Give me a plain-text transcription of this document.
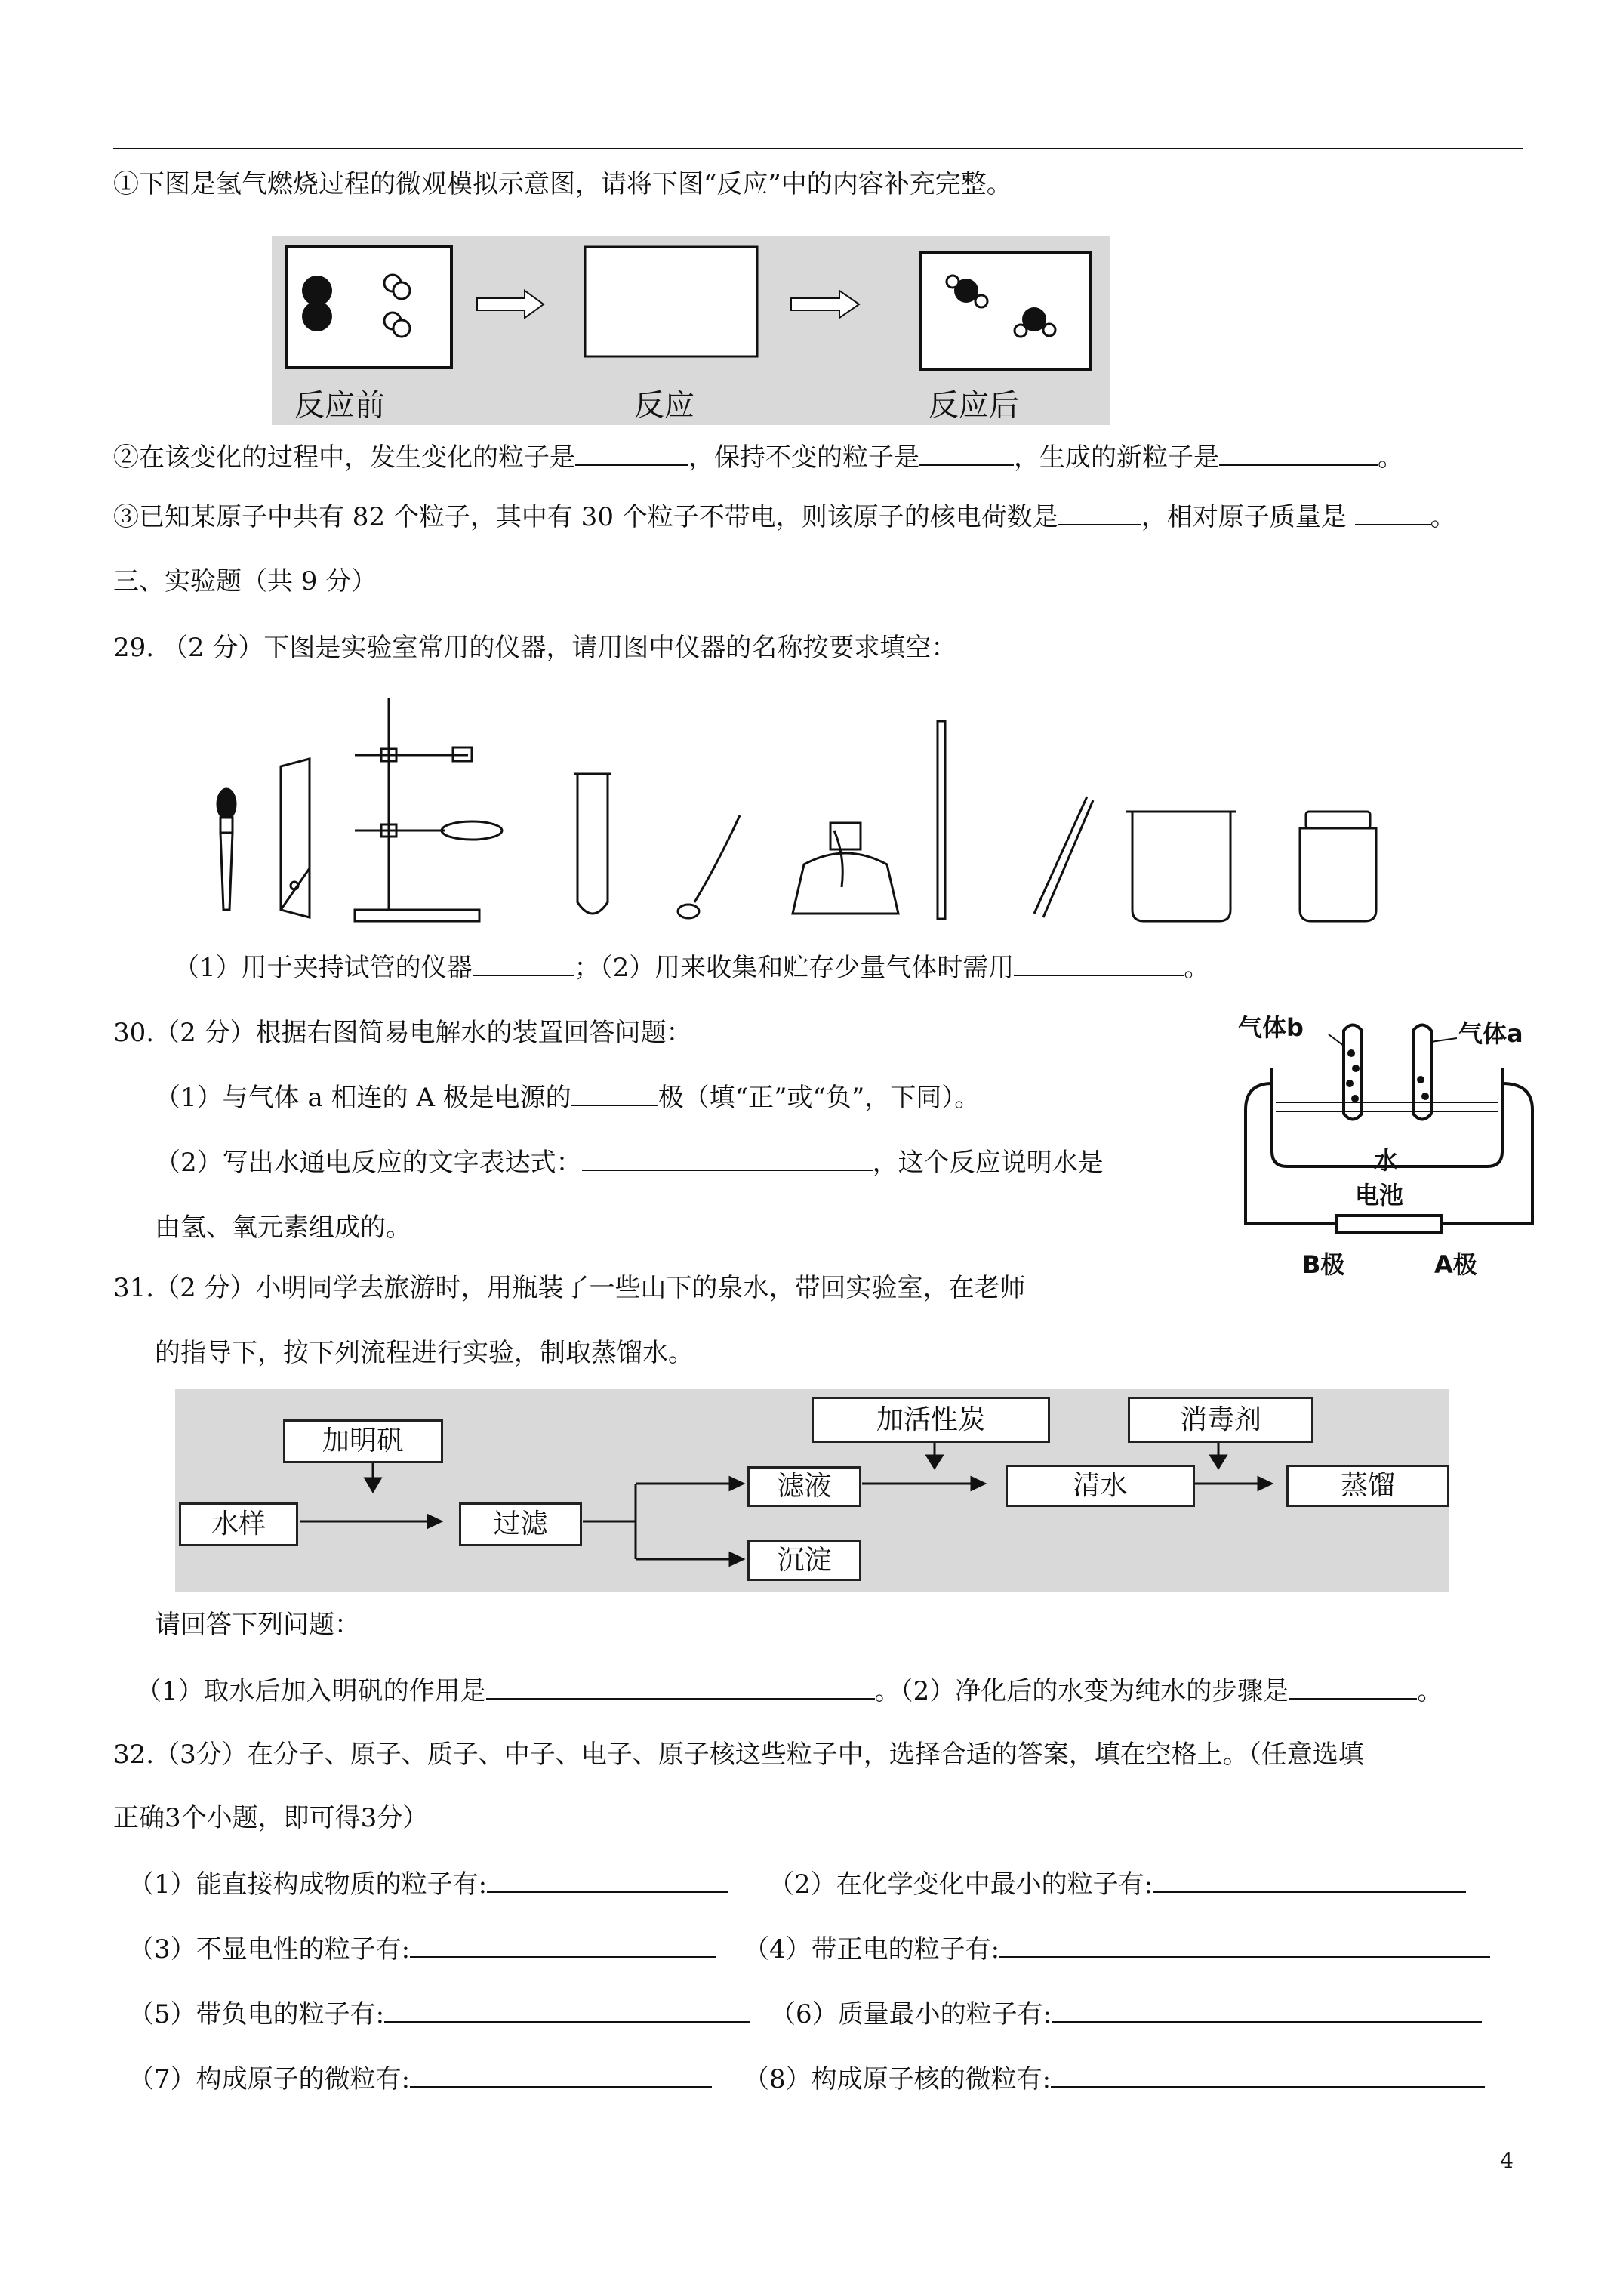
①下图是氢气燃烧过程的微观模拟示意图，请将下图“反应”中的内容补充完整。
反应前	反应	反应后
②在该变化的过程中，发生变化的粒子是	，保持不变的粒子是	，生成的新粒子是	。
③已知某原子中共有 82 个粒子，其中有 30 个粒子不带电，则该原子的核电荷数是	，相对原子质量是	。
三、实验题（共 9 分）
29. （2 分）下图是实验室常用的仪器，请用图中仪器的名称按要求填空：
（1）用于夹持试管的仪器	；（2）用来收集和贮存少量气体时需用	。
30.（2 分）根据右图简易电解水的装置回答问题：
（1）与气体 a 相连的 A 极是电源的	极（填“正”或“负”，下同）。
（2）写出水通电反应的文字表达式：	，这个反应说明水是
由氢、氧元素组成的。
气体b	气体a
水
电池
B极	A极
31.（2 分）小明同学去旅游时，用瓶装了一些山下的泉水，带回实验室，在老师
的指导下，按下列流程进行实验，制取蒸馏水。
加明矾
水样	过滤
滤液
沉淀
加活性炭
清水
消毒剂
蒸馏
请回答下列问题：
（1）取水后加入明矾的作用是	。（2）净化后的水变为纯水的步骤是	。
32.（3分）在分子、原子、质子、中子、电子、原子核这些粒子中，选择合适的答案，填在空格上。（任意选填
正确3个小题，即可得3分）
（1）能直接构成物质的粒子有:	（2）在化学变化中最小的粒子有:
（3）不显电性的粒子有:	（4）带正电的粒子有:
（5）带负电的粒子有:	（6）质量最小的粒子有:
（7）构成原子的微粒有:	（8）构成原子核的微粒有:
4
